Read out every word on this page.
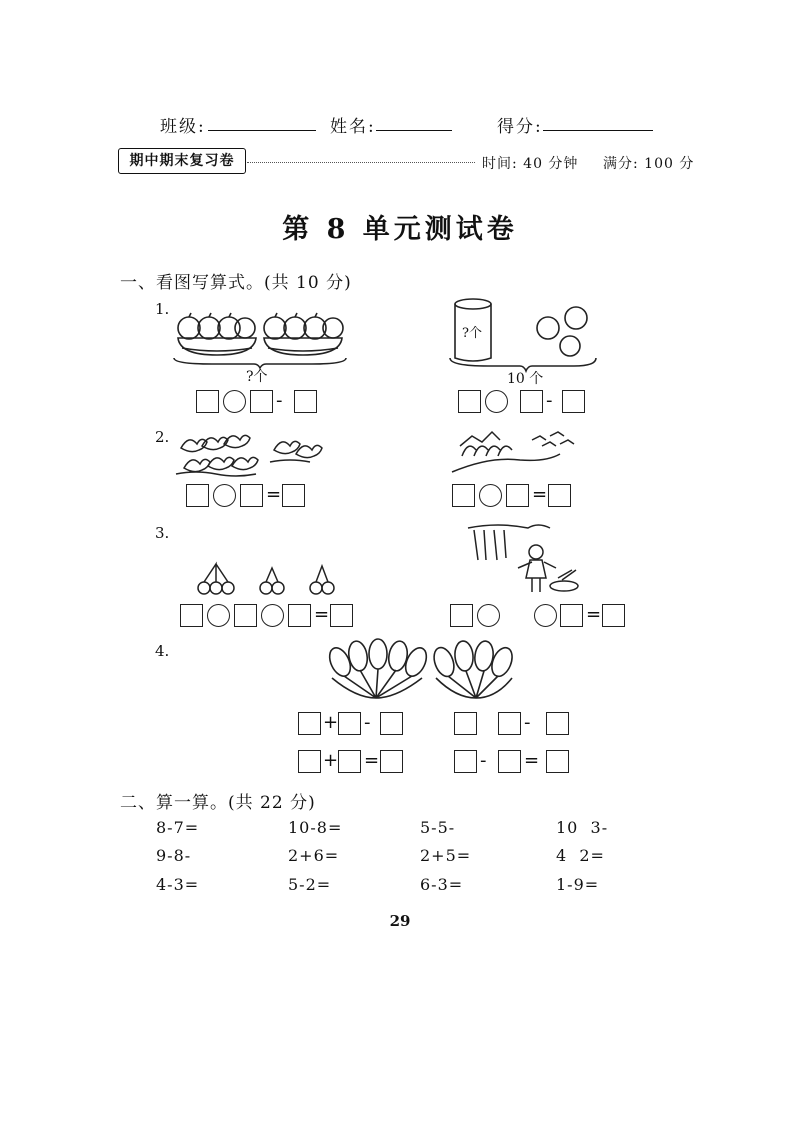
班级:	姓名:	得分:
期中期末复习卷	时间: 40 分钟 满分: 100 分
第 8 单元测试卷
一、看图写算式。(共 10 分)
1.
?个
?个
10 个
-	-
2.
=	=
3.
=	=
4.
+ -	-
+ =	- =
二、算一算。(共 22 分)
8-7=	10-8=	5-5-	10  3-
9-8-	2+6=	2+5=	4  2=
4-3=	5-2=	6-3=	1-9=
29
